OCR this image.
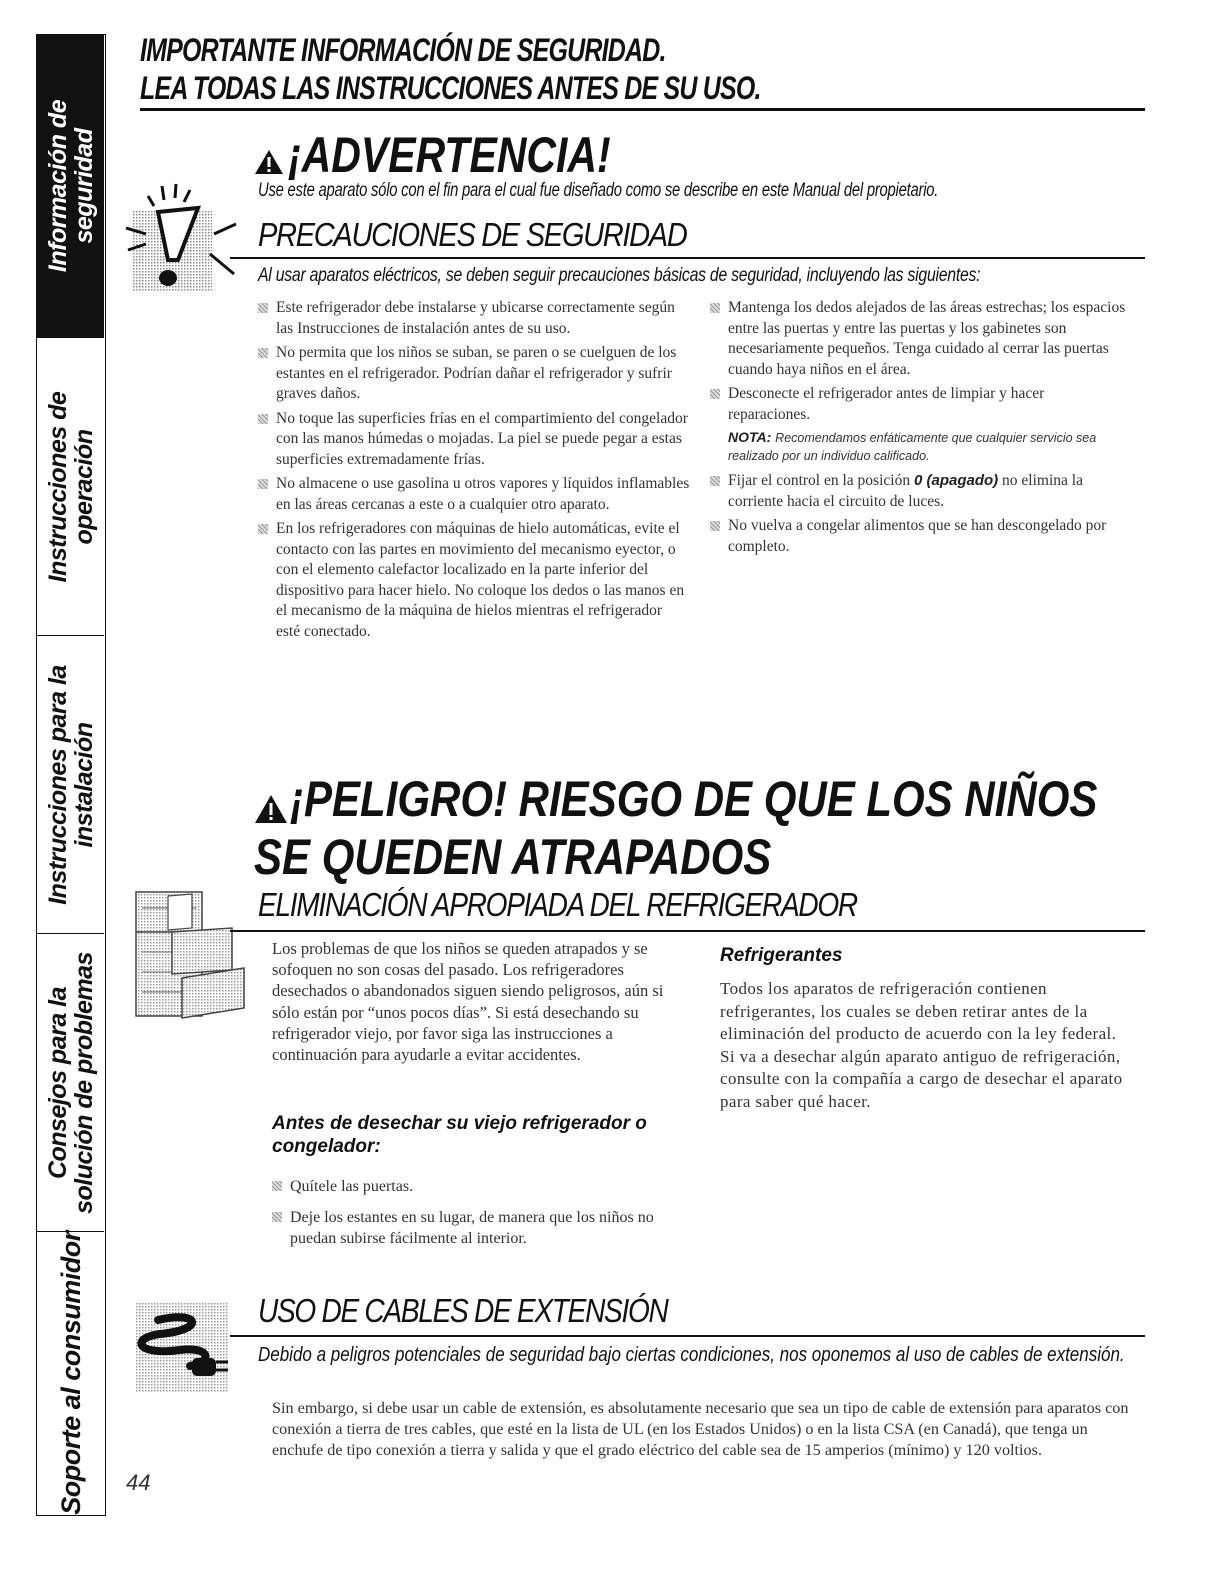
Información de
seguridad
Instrucciones de
operación
Instrucciones para la
instalación
Consejos para la
solución de problemas
Soporte al consumidor
IMPORTANTE INFORMACIÓN DE SEGURIDAD.
LEA TODAS LAS INSTRUCCIONES ANTES DE SU USO.
¡ADVERTENCIA!
Use este aparato sólo con el fin para el cual fue diseñado como se describe en este Manual del propietario.
PRECAUCIONES DE SEGURIDAD
Al usar aparatos eléctricos, se deben seguir precauciones básicas de seguridad, incluyendo las siguientes:
Este refrigerador debe instalarse y ubicarse correctamente según las Instrucciones de instalación antes de su uso.
No permita que los niños se suban, se paren o se cuelguen de los estantes en el refrigerador. Podrían dañar el refrigerador y sufrir graves daños.
No toque las superficies frías en el compartimiento del congelador con las manos húmedas o mojadas. La piel se puede pegar a estas superficies extremadamente frías.
No almacene o use gasolina u otros vapores y líquidos inflamables en las áreas cercanas a este o a cualquier otro aparato.
En los refrigeradores con máquinas de hielo automáticas, evite el contacto con las partes en movimiento del mecanismo eyector, o con el elemento calefactor localizado en la parte inferior del dispositivo para hacer hielo. No coloque los dedos o las manos en el mecanismo de la máquina de hielos mientras el refrigerador esté conectado.
Mantenga los dedos alejados de las áreas estrechas; los espacios entre las puertas y entre las puertas y los gabinetes son necesariamente pequeños. Tenga cuidado al cerrar las puertas cuando haya niños en el área.
Desconecte el refrigerador antes de limpiar y hacer reparaciones.
NOTA: Recomendamos enfáticamente que cualquier servicio sea realizado por un individuo calificado.
Fijar el control en la posición 0 (apagado) no elimina la corriente hacia el circuito de luces.
No vuelva a congelar alimentos que se han descongelado por completo.
¡PELIGRO! RIESGO DE QUE LOS NIÑOS
SE QUEDEN ATRAPADOS
ELIMINACIÓN APROPIADA DEL REFRIGERADOR
Los problemas de que los niños se queden atrapados y se sofoquen no son cosas del pasado. Los refrigeradores desechados o abandonados siguen siendo peligrosos, aún si sólo están por “unos pocos días”. Si está desechando su refrigerador viejo, por favor siga las instrucciones a continuación para ayudarle a evitar accidentes.
Antes de desechar su viejo refrigerador o congelador:
Quítele las puertas.
Deje los estantes en su lugar, de manera que los niños no puedan subirse fácilmente al interior.
Refrigerantes
Todos los aparatos de refrigeración contienen refrigerantes, los cuales se deben retirar antes de la eliminación del producto de acuerdo con la ley federal. Si va a desechar algún aparato antiguo de refrigeración, consulte con la compañía a cargo de desechar el aparato para saber qué hacer.
USO DE CABLES DE EXTENSIÓN
Debido a peligros potenciales de seguridad bajo ciertas condiciones, nos oponemos al uso de cables de extensión.
Sin embargo, si debe usar un cable de extensión, es absolutamente necesario que sea un tipo de cable de extensión para aparatos con conexión a tierra de tres cables, que esté en la lista de UL (en los Estados Unidos) o en la lista CSA (en Canadá), que tenga un enchufe de tipo conexión a tierra y salida y que el grado eléctrico del cable sea de 15 amperios (mínimo) y 120 voltios.
44
